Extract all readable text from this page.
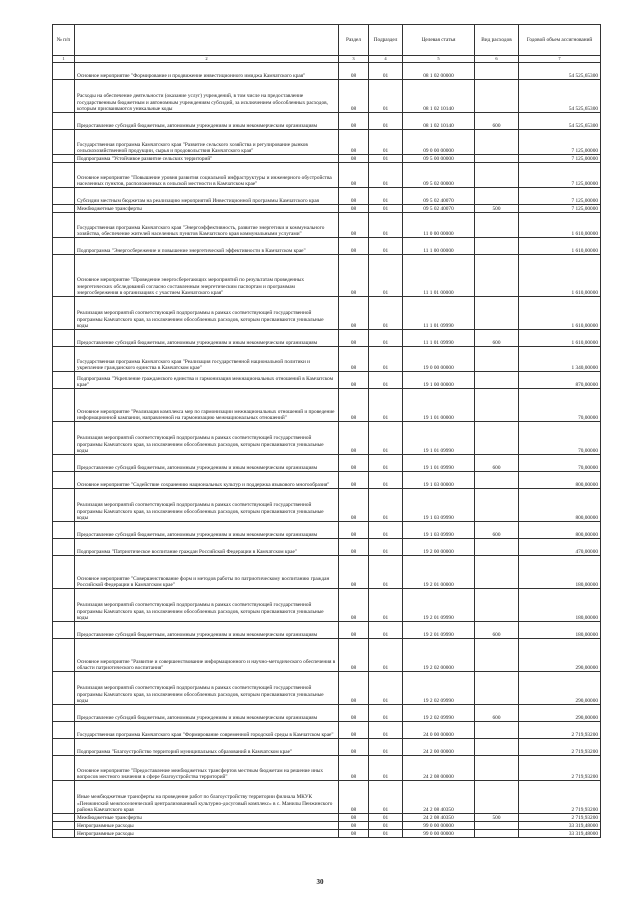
№ п/п		Раздел	Подраздел	Целевая статья	Вид расходов	Годовой объем ассигнований
1	2	3	4	5	6	7
	Основное мероприятие "Формирование и продвижение инвестиционного имиджа Камчатского края"	08	01	08 1 02 00000		54 525,65300
	Расходы на обеспечение деятельности (оказание услуг) учреждений, в том числе на предоставление государственным бюджетным и автономным учреждениям субсидий, за исключением обособленных расходов, которым присваиваются уникальные коды	08	01	08 1 02 10140		54 525,65300
	Предоставление субсидий бюджетным, автономным учреждениям и иным некоммерческим организациям	08	01	08 1 02 10140	600	54 525,65300
	Государственная программа Камчатского края "Развитие сельского хозяйства и регулирование рынков сельскохозяйственной продукции, сырья и продовольствия Камчатского края"	08	01	09 0 00 00000		7 125,00000
	Подпрограмма "Устойчивое развитие сельских территорий"	08	01	09 5 00 00000		7 125,00000
	Основное мероприятие "Повышение уровня развития социальной инфраструктуры и инженерного обустройства населенных пунктов, расположенных в сельской местности в Камчатском крае"	08	01	09 5 02 00000		7 125,00000
	Субсидии местным бюджетам на реализацию мероприятий Инвестиционной программы Камчатского края	08	01	09 5 02 40070		7 125,00000
	Межбюджетные трансферты	08	01	09 5 02 40070	500	7 125,00000
	Государственная программа Камчатского края "Энергоэффективность, развитие энергетики и коммунального хозяйства, обеспечение жителей населенных пунктов Камчатского края коммунальными услугами"	08	01	11 0 00 00000		1 610,00000
	Подпрограмма "Энергосбережение и повышение энергетической эффективности в Камчатском крае"	08	01	11 1 00 00000		1 610,00000
	Основное мероприятие "Проведение энергосберегающих мероприятий по результатам проведенных энергетических обследований согласно составленным энергетическим паспортам и программам энергосбережения в организациях с участием Камчатского края"	08	01	11 1 01 00000		1 610,00000
	Реализация мероприятий соответствующей подпрограммы в рамках соответствующей государственной программы Камчатского края, за исключением обособленных расходов, которым присваиваются уникальные коды	08	01	11 1 01 09990		1 610,00000
	Предоставление субсидий бюджетным, автономным учреждениям и иным некоммерческим организациям	08	01	11 1 01 09990	600	1 610,00000
	Государственная программа Камчатского края "Реализация государственной национальной политики и укрепление гражданского единства в Камчатском крае"	08	01	19 0 00 00000		1 340,00000
	Подпрограмма "Укрепление гражданского единства и гармонизация межнациональных отношений в Камчатском крае"	08	01	19 1 00 00000		870,00000
	Основное мероприятие "Реализация комплекса мер по гармонизации межнациональных отношений и проведение информационной кампании, направленной на гармонизацию межнациональных отношений"	08	01	19 1 01 00000		70,00000
	Реализация мероприятий соответствующей подпрограммы в рамках соответствующей государственной программы Камчатского края, за исключением обособленных расходов, которым присваиваются уникальные коды	08	01	19 1 01 09990		70,00000
	Предоставление субсидий бюджетным, автономным учреждениям и иным некоммерческим организациям	08	01	19 1 01 09990	600	70,00000
	Основное мероприятие "Содействие сохранению национальных культур и поддержка языкового многообразия"	08	01	19 1 03 00000		800,00000
	Реализация мероприятий соответствующей подпрограммы в рамках соответствующей государственной программы Камчатского края, за исключением обособленных расходов, которым присваиваются уникальные коды	08	01	19 1 03 09990		800,00000
	Предоставление субсидий бюджетным, автономным учреждениям и иным некоммерческим организациям	08	01	19 1 03 09990	600	800,00000
	Подпрограмма "Патриотическое воспитание граждан Российской Федерации в Камчатском крае"	08	01	19 2 00 00000		470,00000
	Основное мероприятие "Совершенствование форм и методов работы по патриотическому воспитанию граждан Российской Федерации в Камчатском крае"	08	01	19 2 01 00000		180,00000
	Реализация мероприятий соответствующей подпрограммы в рамках соответствующей государственной программы Камчатского края, за исключением обособленных расходов, которым присваиваются уникальные коды	08	01	19 2 01 09990		180,00000
	Предоставление субсидий бюджетным, автономным учреждениям и иным некоммерческим организациям	08	01	19 2 01 09990	600	180,00000
	Основное мероприятие "Развитие и совершенствование информационного и научно-методического обеспечения в области патриотического воспитания"	08	01	19 2 02 00000		290,00000
	Реализация мероприятий соответствующей подпрограммы в рамках соответствующей государственной программы Камчатского края, за исключением обособленных расходов, которым присваиваются уникальные коды	08	01	19 2 02 09990		290,00000
	Предоставление субсидий бюджетным, автономным учреждениям и иным некоммерческим организациям	08	01	19 2 02 09990	600	290,00000
	Государственная программа Камчатского края "Формирование современной городской среды в Камчатском крае"	08	01	24 0 00 00000		2 719,93200
	Подпрограмма "Благоустройство территорий муниципальных образований в Камчатском крае"	08	01	24 2 00 00000		2 719,93200
	Основное мероприятие "Предоставление межбюджетных трансфертов местным бюджетам на решение иных вопросов местного значения в сфере благоустройства территорий"	08	01	24 2 08 00000		2 719,93200
	Иные межбюджетные трансферты на проведение работ по благоустройству территории филиала МКУК «Пенжинский межпоселенческий централизованный культурно-досуговый комплекс» в с. Манилы Пенжинского района Камчатского края	08	01	24 2 08 40350		2 719,93200
	Межбюджетные трансферты	08	01	24 2 08 40350	500	2 719,93200
	Непрограммные расходы	08	01	99 0 00 00000		33 319,48000
	Непрограммные расходы	08	01	99 0 00 00000		33 319,48000
30
